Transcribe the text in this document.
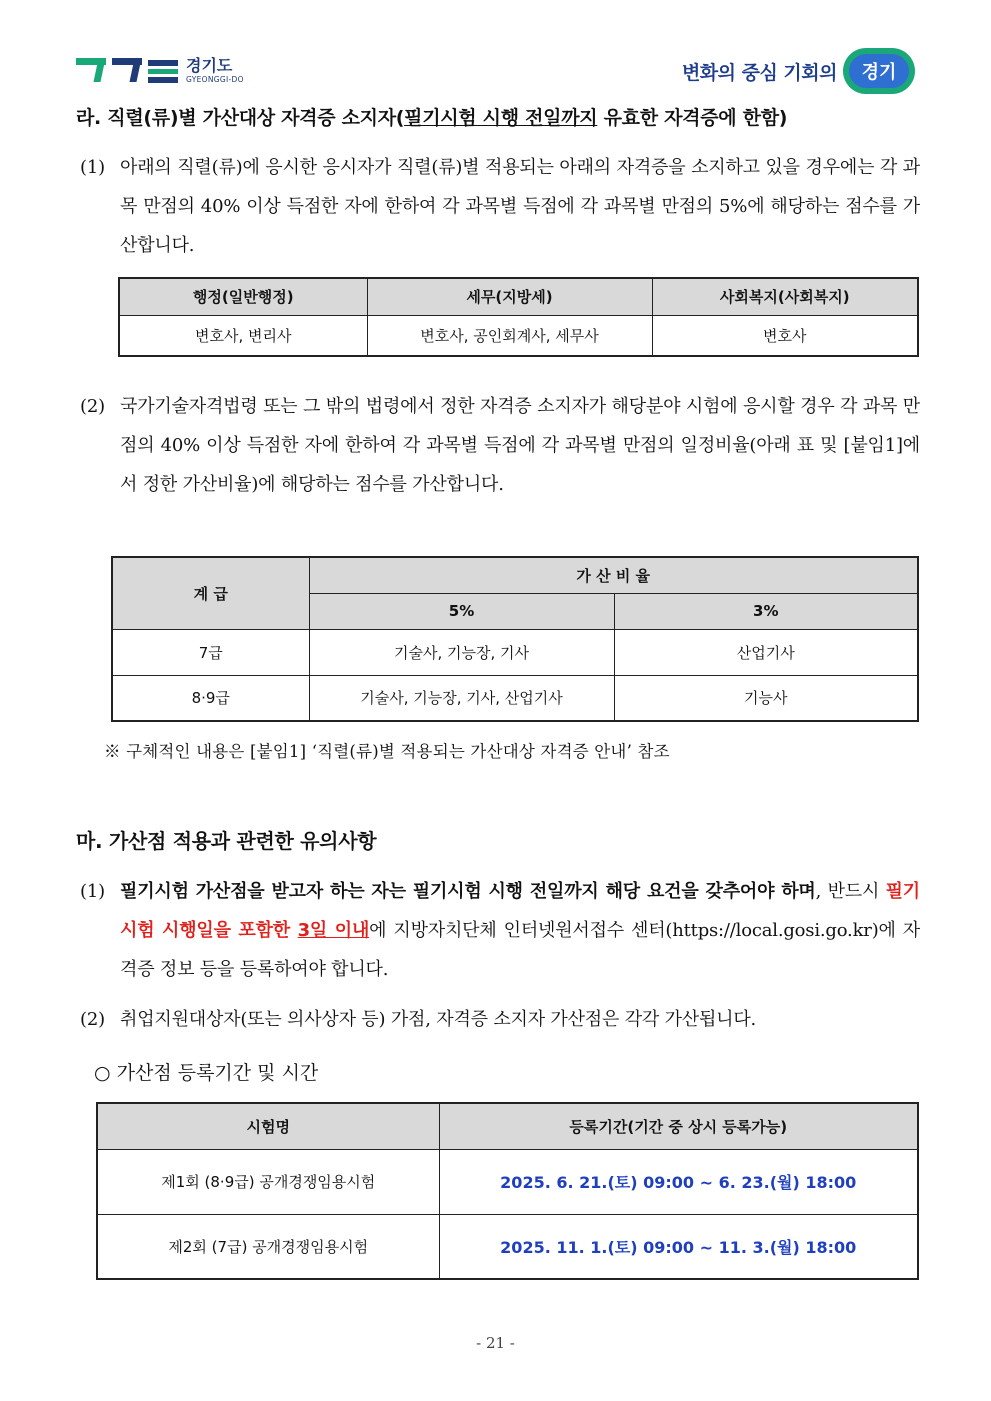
경기도
GYEONGGI-DO	변화의 중심 기회의	경기
라. 직렬(류)별 가산대상 자격증 소지자(필기시험 시행 전일까지 유효한 자격증에 한함)
(1) 아래의 직렬(류)에 응시한 응시자가 직렬(류)별 적용되는 아래의 자격증을 소지하고 있을 경우에는 각 과목 만점의 40% 이상 득점한 자에 한하여 각 과목별 득점에 각 과목별 만점의 5%에 해당하는 점수를 가산합니다.
행정(일반행정)	세무(지방세)	사회복지(사회복지)
변호사, 변리사	변호사, 공인회계사, 세무사	변호사
(2) 국가기술자격법령 또는 그 밖의 법령에서 정한 자격증 소지자가 해당분야 시험에 응시할 경우 각 과목 만점의 40% 이상 득점한 자에 한하여 각 과목별 득점에 각 과목별 만점의 일정비율(아래 표 및 [붙임1]에서 정한 가산비율)에 해당하는 점수를 가산합니다.
계 급	가 산 비 율	
	5%	3%
7급	기술사, 기능장, 기사	산업기사
8·9급	기술사, 기능장, 기사, 산업기사	기능사
※ 구체적인 내용은 [붙임1] ‘직렬(류)별 적용되는 가산대상 자격증 안내’ 참조
마. 가산점 적용과 관련한 유의사항
(1) 필기시험 가산점을 받고자 하는 자는 필기시험 시행 전일까지 해당 요건을 갖추어야 하며, 반드시 필기시험 시행일을 포함한 3일 이내에 지방자치단체 인터넷원서접수 센터(https://local.gosi.go.kr)에 자격증 정보 등을 등록하여야 합니다.
(2) 취업지원대상자(또는 의사상자 등) 가점, 자격증 소지자 가산점은 각각 가산됩니다.
○ 가산점 등록기간 및 시간
시험명	등록기간(기간 중 상시 등록가능)
제1회 (8·9급) 공개경쟁임용시험	2025. 6. 21.(토) 09:00 ~ 6. 23.(월) 18:00
제2회 (7급) 공개경쟁임용시험	2025. 11. 1.(토) 09:00 ~ 11. 3.(월) 18:00
- 21 -
